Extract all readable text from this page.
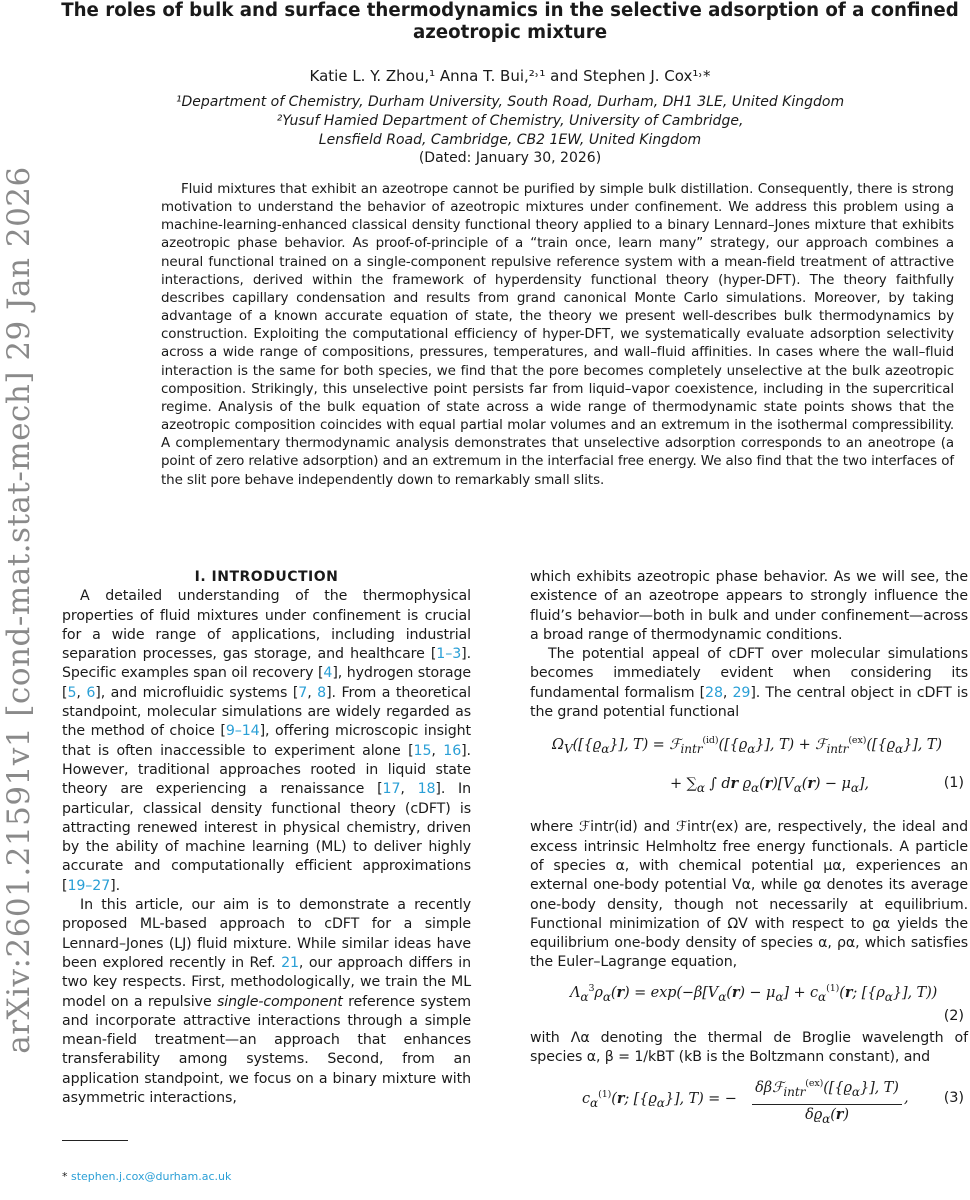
arXiv:2601.21591v1 [cond-mat.stat-mech] 29 Jan 2026
The roles of bulk and surface thermodynamics in the selective adsorption of a confined
azeotropic mixture
Katie L. Y. Zhou,¹ Anna T. Bui,²˒¹ and Stephen J. Cox¹˒*
¹Department of Chemistry, Durham University, South Road, Durham, DH1 3LE, United Kingdom
²Yusuf Hamied Department of Chemistry, University of Cambridge,
Lensfield Road, Cambridge, CB2 1EW, United Kingdom
(Dated: January 30, 2026)

Fluid mixtures that exhibit an azeotrope cannot be purified by simple bulk distillation. Consequently, there is strong motivation to understand the behavior of azeotropic mixtures under confinement. We address this problem using a machine-learning-enhanced classical density functional theory applied to a binary Lennard–Jones mixture that exhibits azeotropic phase behavior. As proof-of-principle of a “train once, learn many” strategy, our approach combines a neural functional trained on a single-component repulsive reference system with a mean-field treatment of attractive interactions, derived within the framework of hyperdensity functional theory (hyper-DFT). The theory faithfully describes capillary condensation and results from grand canonical Monte Carlo simulations. Moreover, by taking advantage of a known accurate equation of state, the theory we present well-describes bulk thermodynamics by construction. Exploiting the computational efficiency of hyper-DFT, we systematically evaluate adsorption selectivity across a wide range of compositions, pressures, temperatures, and wall–fluid affinities. In cases where the wall–fluid interaction is the same for both species, we find that the pore becomes completely unselective at the bulk azeotropic composition. Strikingly, this unselective point persists far from liquid–vapor coexistence, including in the supercritical regime. Analysis of the bulk equation of state across a wide range of thermodynamic state points shows that the azeotropic composition coincides with equal partial molar volumes and an extremum in the isothermal compressibility. A complementary thermodynamic analysis demonstrates that unselective adsorption corresponds to an aneotrope (a point of zero relative adsorption) and an extremum in the interfacial free energy. We also find that the two interfaces of the slit pore behave independently down to remarkably small slits.

I. INTRODUCTION

A detailed understanding of the thermophysical properties of fluid mixtures under confinement is crucial for a wide range of applications, including industrial separation processes, gas storage, and healthcare [1–3]. Specific examples span oil recovery [4], hydrogen storage [5, 6], and microfluidic systems [7, 8]. From a theoretical standpoint, molecular simulations are widely regarded as the method of choice [9–14], offering microscopic insight that is often inaccessible to experiment alone [15, 16]. However, traditional approaches rooted in liquid state theory are experiencing a renaissance [17, 18]. In particular, classical density functional theory (cDFT) is attracting renewed interest in physical chemistry, driven by the ability of machine learning (ML) to deliver highly accurate and computationally efficient approximations [19–27].

In this article, our aim is to demonstrate a recently proposed ML-based approach to cDFT for a simple Lennard–Jones (LJ) fluid mixture. While similar ideas have been explored recently in Ref. 21, our approach differs in two key respects. First, methodologically, we train the ML model on a repulsive single-component reference system and incorporate attractive interactions through a simple mean-field treatment—an approach that enhances transferability among systems. Second, from an application standpoint, we focus on a binary mixture with asymmetric interactions,

which exhibits azeotropic phase behavior. As we will see, the existence of an azeotrope appears to strongly influence the fluid’s behavior—both in bulk and under confinement—across a broad range of thermodynamic conditions.

The potential appeal of cDFT over molecular simulations becomes immediately evident when considering its fundamental formalism [28, 29]. The central object in cDFT is the grand potential functional

$\Omega_V([\{ϱ_\alpha\}]$, $T) = ℱ_{intr}^{(id)}([\{ϱ_\alpha\}]$, $T) + ℱ_{intr}^{(ex)}([\{ϱ_\alpha\}]$, T)
+ $\sum_\alpha$ ∫ dr $ϱ_\alpha(r)[V_\alpha(r) - \mu_\alpha]$,	(1)

where ℱintr(id) and ℱintr(ex) are, respectively, the ideal and excess intrinsic Helmholtz free energy functionals. A particle of species α, with chemical potential μα, experiences an external one-body potential Vα, while ϱα denotes its average one-body density, though not necessarily at equilibrium. Functional minimization of ΩV with respect to ϱα yields the equilibrium one-body density of species α, ρα, which satisfies the Euler–Lagrange equation,

$\Lambda_\alpha^3\rho_\alpha(r) = \exp(-\beta[V_\alpha(r) - \mu_\alpha] + c_\alpha^{(1)}(r$; $[\{\rho_\alpha\}]$, T))
(2)

with Λα denoting the thermal de Broglie wavelength of species α, β = 1/kBT (kB is the Boltzmann constant), and

$c_\alpha^{(1)}(r$; $[\{ϱ_\alpha\}]$, T) = −
$\delta\beta ℱ_{intr}^{(ex)}([\{ϱ_\alpha\}]$, T)
$\delta ϱ_\alpha(r)$
, (3)
* stephen.j.cox@durham.ac.uk
